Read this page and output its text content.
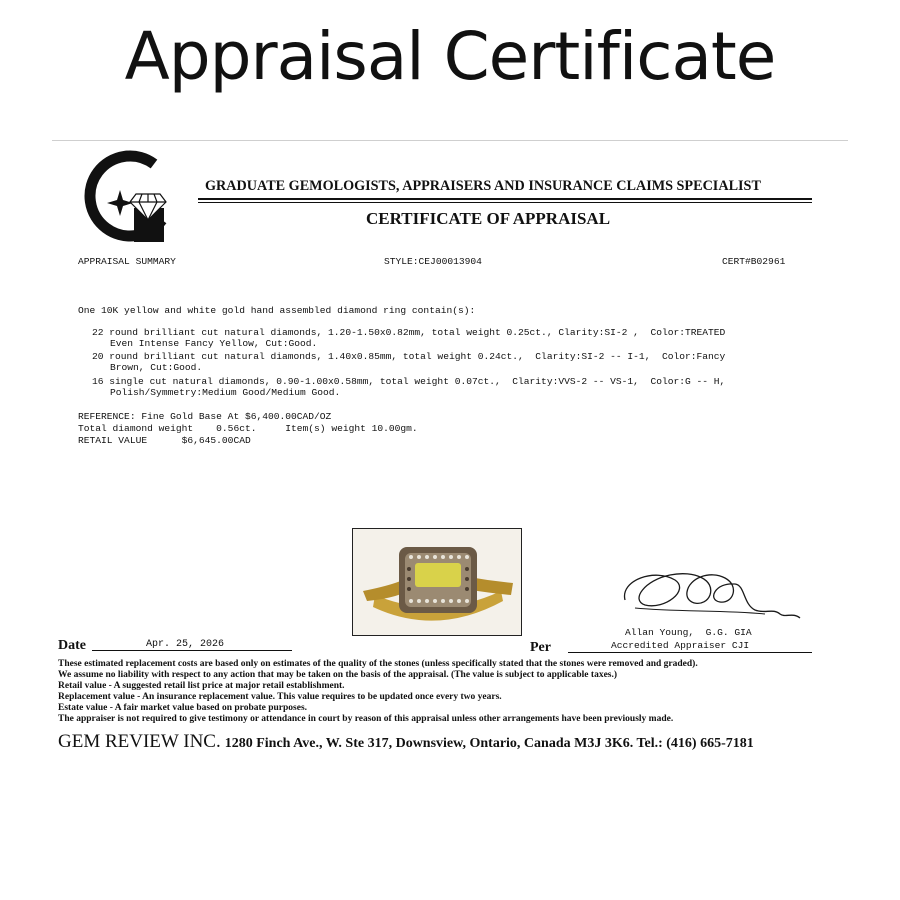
Appraisal Certificate
GRADUATE GEMOLOGISTS, APPRAISERS AND INSURANCE CLAIMS SPECIALIST
CERTIFICATE OF APPRAISAL
APPRAISAL SUMMARY	STYLE:CEJ00013904	CERT#B02961
One 10K yellow and white gold hand assembled diamond ring contain(s):
22 round brilliant cut natural diamonds, 1.20-1.50x0.82mm, total weight 0.25ct., Clarity:SI-2 ,  Color:TREATED
Even Intense Fancy Yellow, Cut:Good.
20 round brilliant cut natural diamonds, 1.40x0.85mm, total weight 0.24ct.,  Clarity:SI-2 -- I-1,  Color:Fancy
Brown, Cut:Good.
16 single cut natural diamonds, 0.90-1.00x0.58mm, total weight 0.07ct.,  Clarity:VVS-2 -- VS-1,  Color:G -- H,
Polish/Symmetry:Medium Good/Medium Good.
REFERENCE: Fine Gold Base At $6,400.00CAD/OZ
Total diamond weight    0.56ct.     Item(s) weight 10.00gm.
RETAIL VALUE      $6,645.00CAD
Date	Apr. 25, 2026	Per
Allan Young,  G.G. GIA
Accredited Appraiser CJI
These estimated replacement costs are based only on estimates of the quality of the stones (unless specifically stated that the stones were removed and graded).
We assume no liability with respect to any action that may be taken on the basis of the appraisal. (The value is subject to applicable taxes.)
Retail value - A suggested retail list price at major retail establishment.
Replacement value - An insurance replacement value. This value requires to be updated once every two years.
Estate value - A fair market value based on probate purposes.
The appraiser is not required to give testimony or attendance in court by reason of this appraisal unless other arrangements have been previously made.
GEM REVIEW INC. 1280 Finch Ave., W. Ste 317, Downsview, Ontario, Canada M3J 3K6. Tel.: (416) 665-7181
